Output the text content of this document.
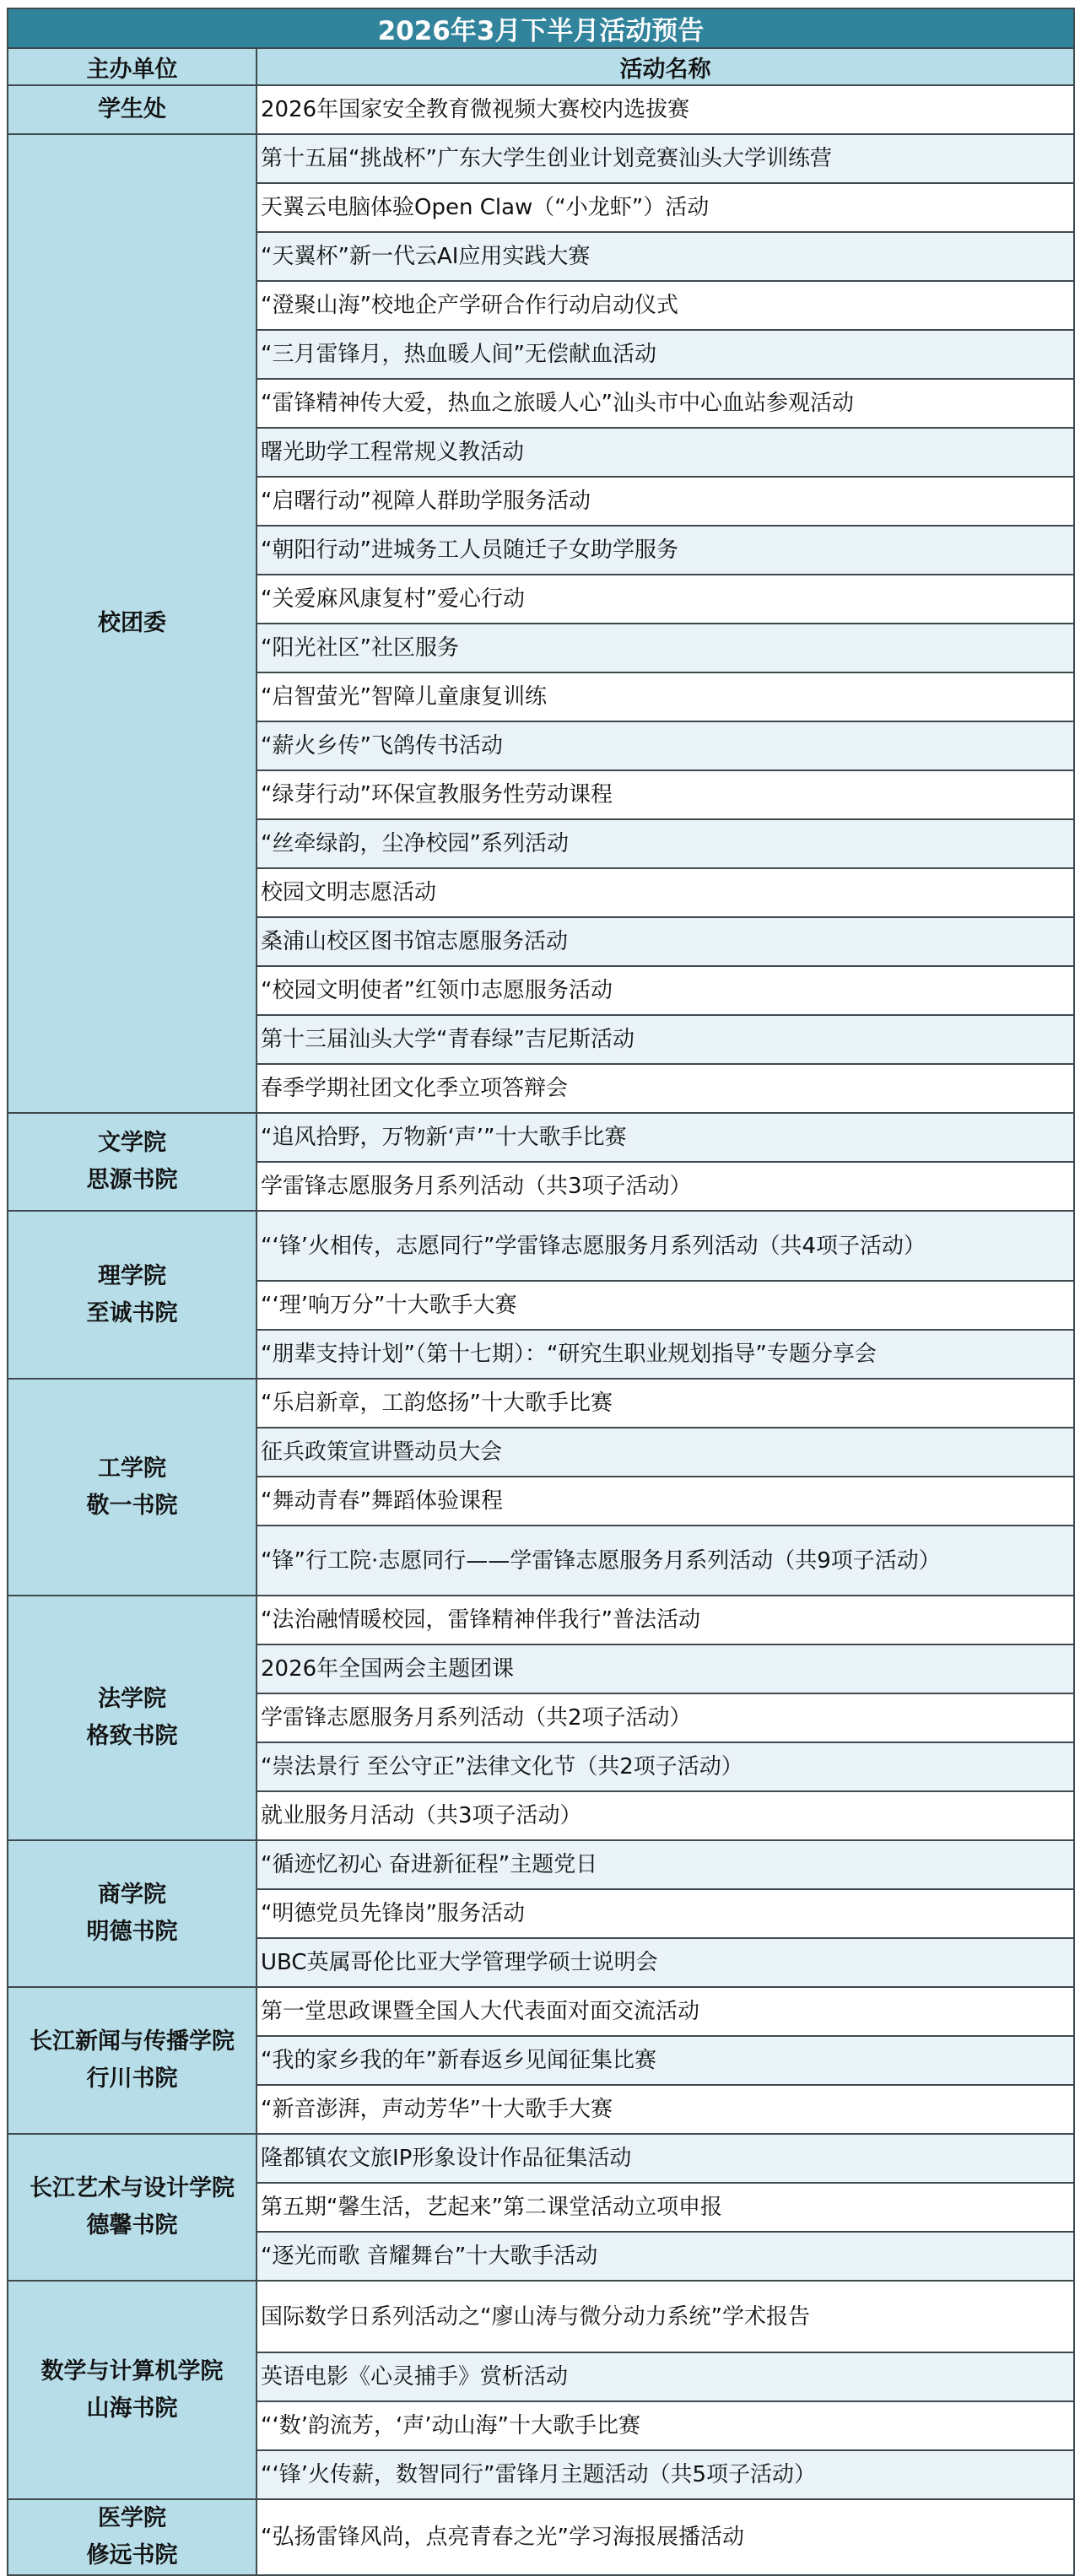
2026年3月下半月活动预告	
主办单位	活动名称

学生处	2026年国家安全教育微视频大赛校内选拔赛

校团委	第十五届“挑战杯”广东大学生创业计划竞赛汕头大学训练营
	天翼云电脑体验Open Claw（“小龙虾”）活动
	“天翼杯”新一代云AI应用实践大赛
	“澄聚山海”校地企产学研合作行动启动仪式
	“三月雷锋月，热血暖人间”无偿献血活动
	“雷锋精神传大爱，热血之旅暖人心”汕头市中心血站参观活动
	曙光助学工程常规义教活动
	“启曙行动”视障人群助学服务活动
	“朝阳行动”进城务工人员随迁子女助学服务
	“关爱麻风康复村”爱心行动
	“阳光社区”社区服务
	“启智萤光”智障儿童康复训练
	“薪火乡传”飞鸽传书活动
	“绿芽行动”环保宣教服务性劳动课程
	“丝牵绿韵，尘净校园”系列活动
	校园文明志愿活动
	桑浦山校区图书馆志愿服务活动
	“校园文明使者”红领巾志愿服务活动
	第十三届汕头大学“青春绿”吉尼斯活动
	春季学期社团文化季立项答辩会

文学院
思源书院	“追风拾野，万物新‘声’”十大歌手比赛
	学雷锋志愿服务月系列活动（共3项子活动）

理学院
至诚书院	“‘锋’火相传，志愿同行”学雷锋志愿服务月系列活动（共4项子活动）
	“‘理’响万分”十大歌手大赛
	“朋辈支持计划”（第十七期）：“研究生职业规划指导”专题分享会

工学院
敬一书院	“乐启新章，工韵悠扬”十大歌手比赛
	征兵政策宣讲暨动员大会
	“舞动青春”舞蹈体验课程
	“锋”行工院·志愿同行——学雷锋志愿服务月系列活动（共9项子活动）

法学院
格致书院	“法治融情暖校园，雷锋精神伴我行”普法活动
	2026年全国两会主题团课
	学雷锋志愿服务月系列活动（共2项子活动）
	“崇法景行 至公守正”法律文化节（共2项子活动）
	就业服务月活动（共3项子活动）

商学院
明德书院	“循迹忆初心 奋进新征程”主题党日
	“明德党员先锋岗”服务活动
	UBC英属哥伦比亚大学管理学硕士说明会

长江新闻与传播学院
行川书院	第一堂思政课暨全国人大代表面对面交流活动
	“我的家乡我的年”新春返乡见闻征集比赛
	“新音澎湃，声动芳华”十大歌手大赛

长江艺术与设计学院
德馨书院	隆都镇农文旅IP形象设计作品征集活动
	第五期“馨生活，艺起来”第二课堂活动立项申报
	“逐光而歌 音耀舞台”十大歌手活动

数学与计算机学院
山海书院	国际数学日系列活动之“廖山涛与微分动力系统”学术报告
	英语电影《心灵捕手》赏析活动
	“‘数’韵流芳，‘声’动山海”十大歌手比赛
	“‘锋’火传薪，数智同行”雷锋月主题活动（共5项子活动）

医学院
修远书院	“弘扬雷锋风尚，点亮青春之光”学习海报展播活动
